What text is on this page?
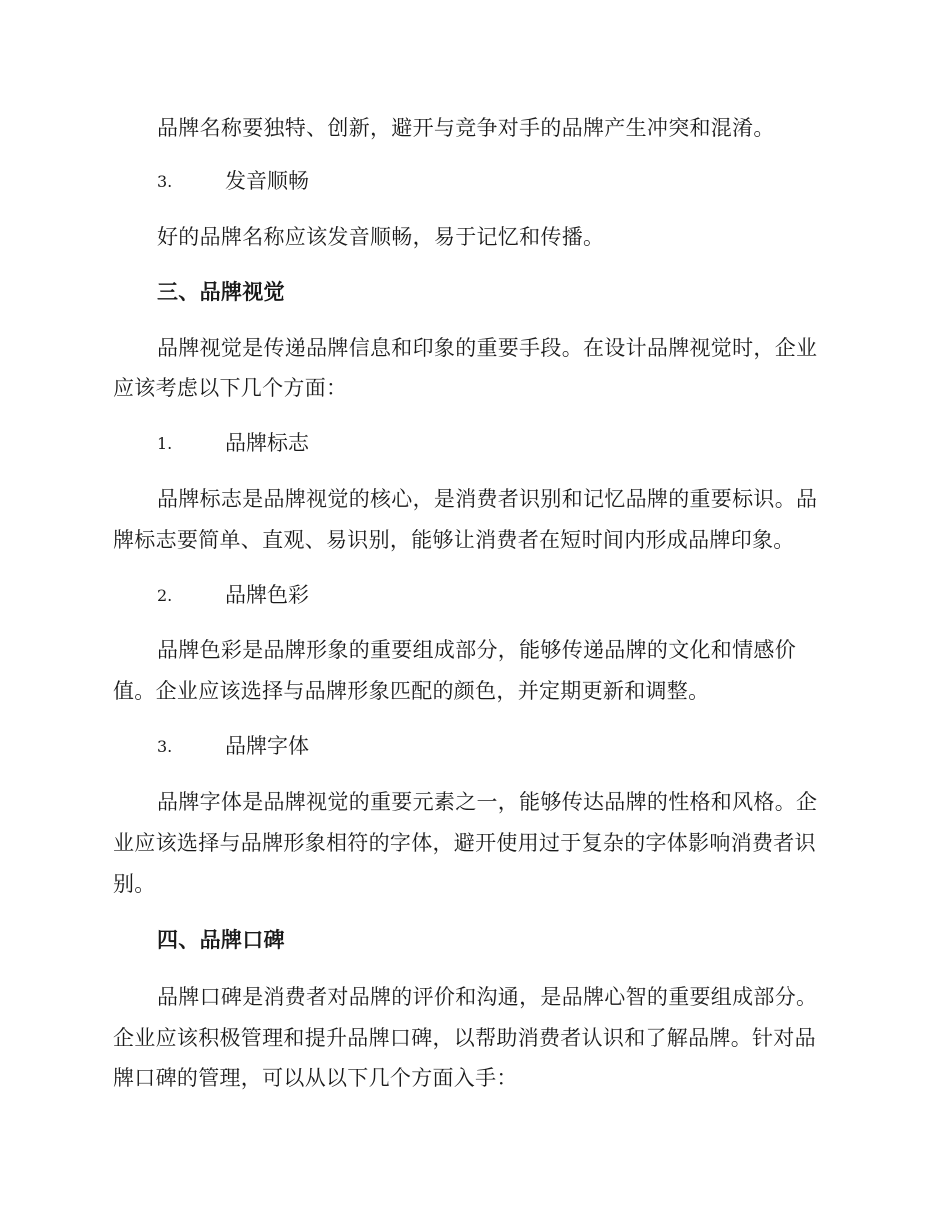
品牌名称要独特、创新，避开与竞争对手的品牌产生冲突和混淆。
3.	发音顺畅
好的品牌名称应该发音顺畅，易于记忆和传播。
三、品牌视觉
品牌视觉是传递品牌信息和印象的重要手段。在设计品牌视觉时，企业
应该考虑以下几个方面：
1.	品牌标志
品牌标志是品牌视觉的核心，是消费者识别和记忆品牌的重要标识。品
牌标志要简单、直观、易识别，能够让消费者在短时间内形成品牌印象。
2.	品牌色彩
品牌色彩是品牌形象的重要组成部分，能够传递品牌的文化和情感价
值。企业应该选择与品牌形象匹配的颜色，并定期更新和调整。
3.	品牌字体
品牌字体是品牌视觉的重要元素之一，能够传达品牌的性格和风格。企
业应该选择与品牌形象相符的字体，避开使用过于复杂的字体影响消费者识
别。
四、品牌口碑
品牌口碑是消费者对品牌的评价和沟通，是品牌心智的重要组成部分。
企业应该积极管理和提升品牌口碑，以帮助消费者认识和了解品牌。针对品
牌口碑的管理，可以从以下几个方面入手：
